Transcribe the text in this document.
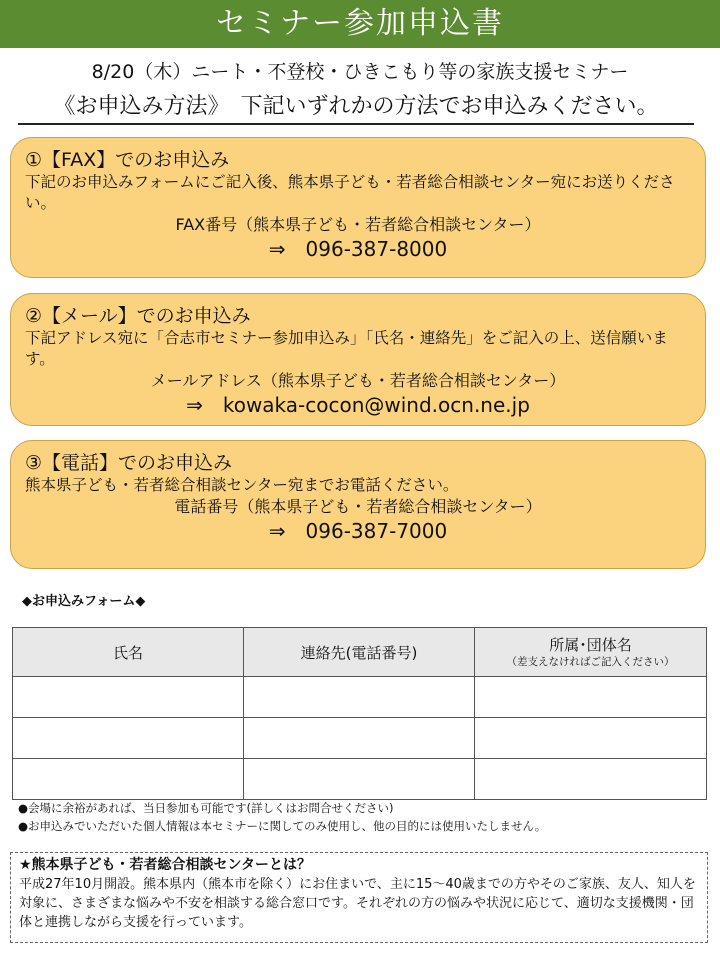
セミナー参加申込書
8/20（木）ニート・不登校・ひきこもり等の家族支援セミナー
《お申込み方法》　下記いずれかの方法でお申込みください。
①【FAX】でのお申込み
下記のお申込みフォームにご記入後、熊本県子ども・若者総合相談センター宛にお送りください。
FAX番号（熊本県子ども・若者総合相談センター）
⇒　096-387-8000
②【メール】でのお申込み
下記アドレス宛に「合志市セミナー参加申込み」「氏名・連絡先」をご記入の上、送信願います。
メールアドレス（熊本県子ども・若者総合相談センター）
⇒　kowaka-cocon@wind.ocn.ne.jp
③【電話】でのお申込み
熊本県子ども・若者総合相談センター宛までお電話ください。
電話番号（熊本県子ども・若者総合相談センター）
⇒　096-387-7000
◆お申込みフォーム◆
氏名	連絡先(電話番号)	所属･団体名
（差支えなければご記入ください）

●会場に余裕があれば、当日参加も可能です(詳しくはお問合せください)
●お申込みでいただいた個人情報は本セミナーに関してのみ使用し、他の目的には使用いたしません。
★熊本県子ども・若者総合相談センターとは？
平成27年10月開設。熊本県内（熊本市を除く）にお住まいで、主に15～40歳までの方やそのご家族、友人、知人を対象に、さまざまな悩みや不安を相談する総合窓口です。それぞれの方の悩みや状況に応じて、適切な支援機関・団体と連携しながら支援を行っています。
